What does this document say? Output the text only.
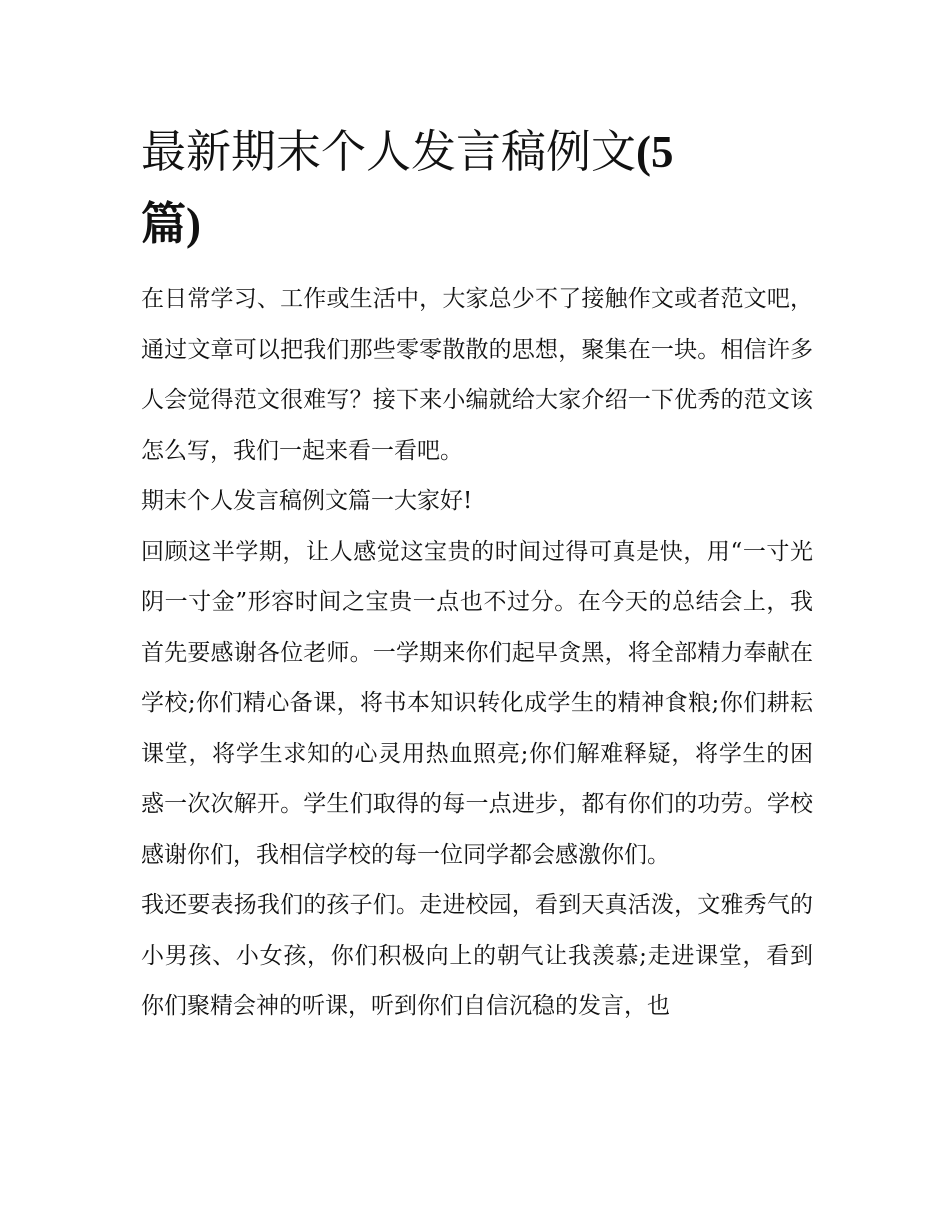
最新期末个人发言稿例文(5
篇)

在日常学习、工作或生活中，大家总少不了接触作文或者范文吧，通过文章可以把我们那些零零散散的思想，聚集在一块。相信许多人会觉得范文很难写？接下来小编就给大家介绍一下优秀的范文该怎么写，我们一起来看一看吧。

期末个人发言稿例文篇一大家好!

回顾这半学期，让人感觉这宝贵的时间过得可真是快，用“一寸光阴一寸金”形容时间之宝贵一点也不过分。在今天的总结会上，我首先要感谢各位老师。一学期来你们起早贪黑，将全部精力奉献在学校;你们精心备课，将书本知识转化成学生的精神食粮;你们耕耘课堂，将学生求知的心灵用热血照亮;你们解难释疑，将学生的困惑一次次解开。学生们取得的每一点进步，都有你们的功劳。学校感谢你们，我相信学校的每一位同学都会感激你们。

我还要表扬我们的孩子们。走进校园，看到天真活泼，文雅秀气的小男孩、小女孩，你们积极向上的朝气让我羡慕;走进课堂，看到你们聚精会神的听课，听到你们自信沉稳的发言，也
